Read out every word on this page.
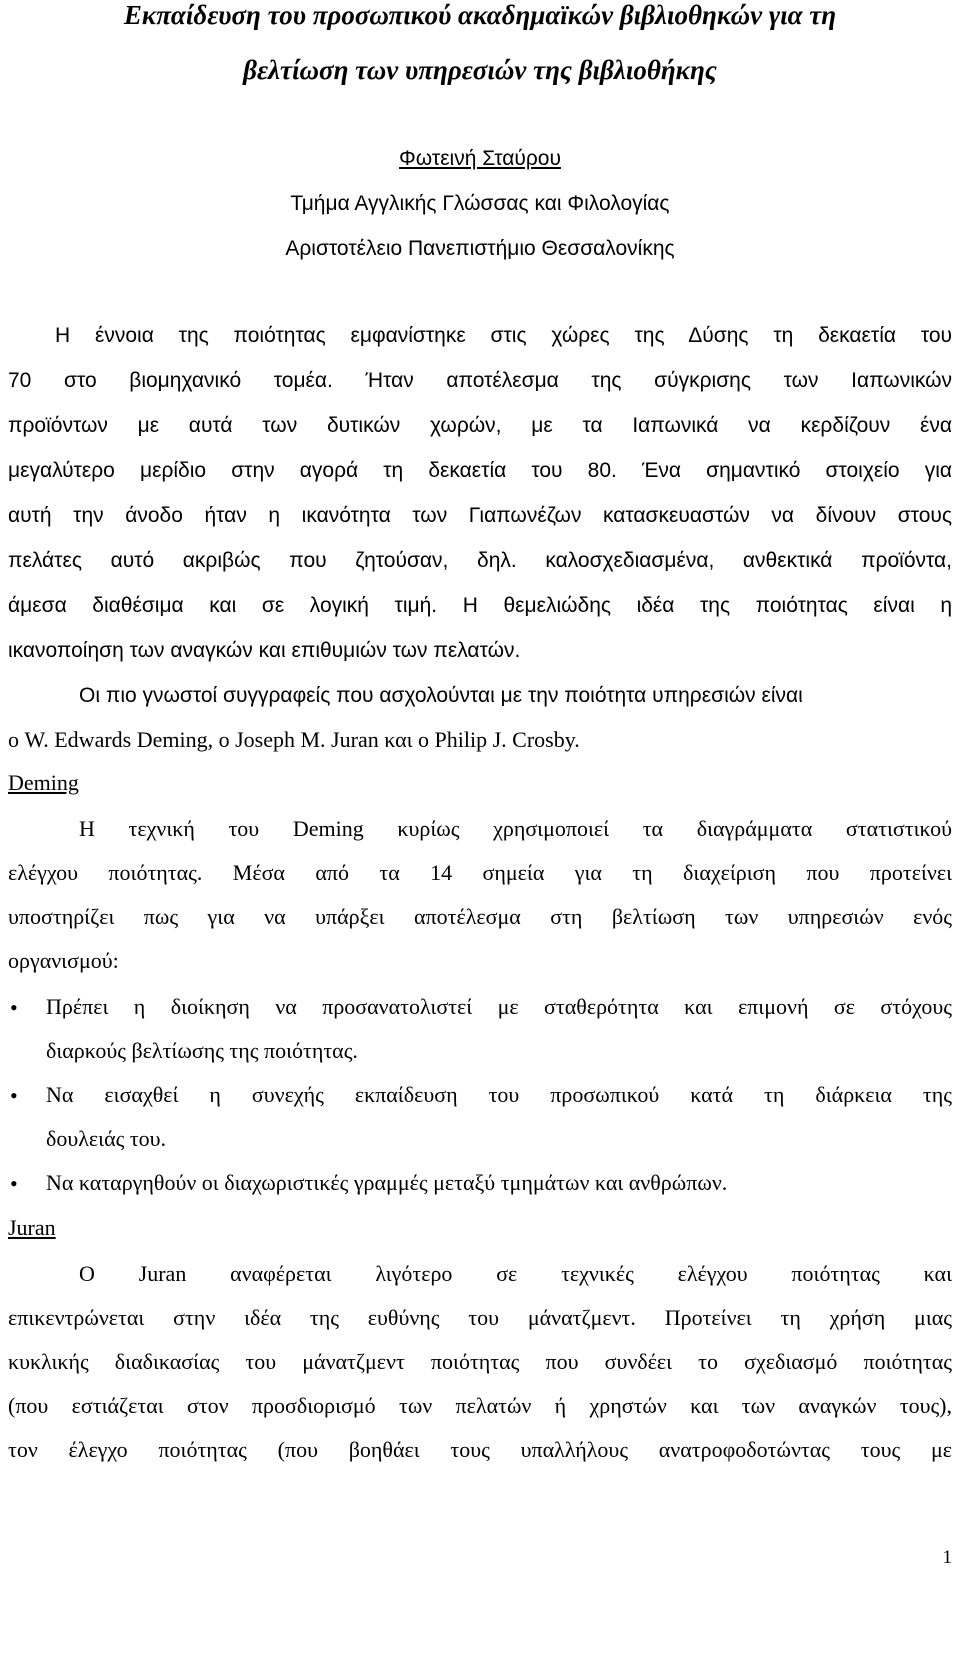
Εκπαίδευση του προσωπικού ακαδημαϊκών βιβλιοθηκών για τη
βελτίωση των υπηρεσιών της βιβλιοθήκης
Φωτεινή Σταύρου
Τμήμα Αγγλικής Γλώσσας και Φιλολογίας
Αριστοτέλειο Πανεπιστήμιο Θεσσαλονίκης
Η έννοια της ποιότητας εμφανίστηκε στις χώρες της Δύσης τη δεκαετία του
70 στο βιομηχανικό τομέα. Ήταν αποτέλεσμα της σύγκρισης των Ιαπωνικών
προϊόντων με αυτά των δυτικών χωρών, με τα Ιαπωνικά να κερδίζουν ένα
μεγαλύτερο μερίδιο στην αγορά τη δεκαετία του 80. Ένα σημαντικό στοιχείο για
αυτή την άνοδο ήταν η ικανότητα των Γιαπωνέζων κατασκευαστών να δίνουν στους
πελάτες αυτό ακριβώς που ζητούσαν, δηλ. καλοσχεδιασμένα, ανθεκτικά προϊόντα,
άμεσα διαθέσιμα και σε λογική τιμή. Η θεμελιώδης ιδέα της ποιότητας είναι η
ικανοποίηση των αναγκών και επιθυμιών των πελατών.
Οι πιο γνωστοί συγγραφείς που ασχολούνται με την ποιότητα υπηρεσιών είναι
ο W. Edwards Deming, ο Joseph M. Juran και ο Philip J. Crosby.
Deming
Η τεχνική του Deming κυρίως χρησιμοποιεί τα διαγράμματα στατιστικού
ελέγχου ποιότητας. Μέσα από τα 14 σημεία για τη διαχείριση που προτείνει
υποστηρίζει πως για να υπάρξει αποτέλεσμα στη βελτίωση των υπηρεσιών ενός
οργανισμού:
• Πρέπει η διοίκηση να προσανατολιστεί με σταθερότητα και επιμονή σε στόχους
διαρκούς βελτίωσης της ποιότητας.
• Να εισαχθεί η συνεχής εκπαίδευση του προσωπικού κατά τη διάρκεια της
δουλειάς του.
• Να καταργηθούν οι διαχωριστικές γραμμές μεταξύ τμημάτων και ανθρώπων.
Juran
Ο Juran αναφέρεται λιγότερο σε τεχνικές ελέγχου ποιότητας και
επικεντρώνεται στην ιδέα της ευθύνης του μάνατζμεντ. Προτείνει τη χρήση μιας
κυκλικής διαδικασίας του μάνατζμεντ ποιότητας που συνδέει το σχεδιασμό ποιότητας
(που εστιάζεται στον προσδιορισμό των πελατών ή χρηστών και των αναγκών τους),
τον έλεγχο ποιότητας (που βοηθάει τους υπαλλήλους ανατροφοδοτώντας τους με
1
